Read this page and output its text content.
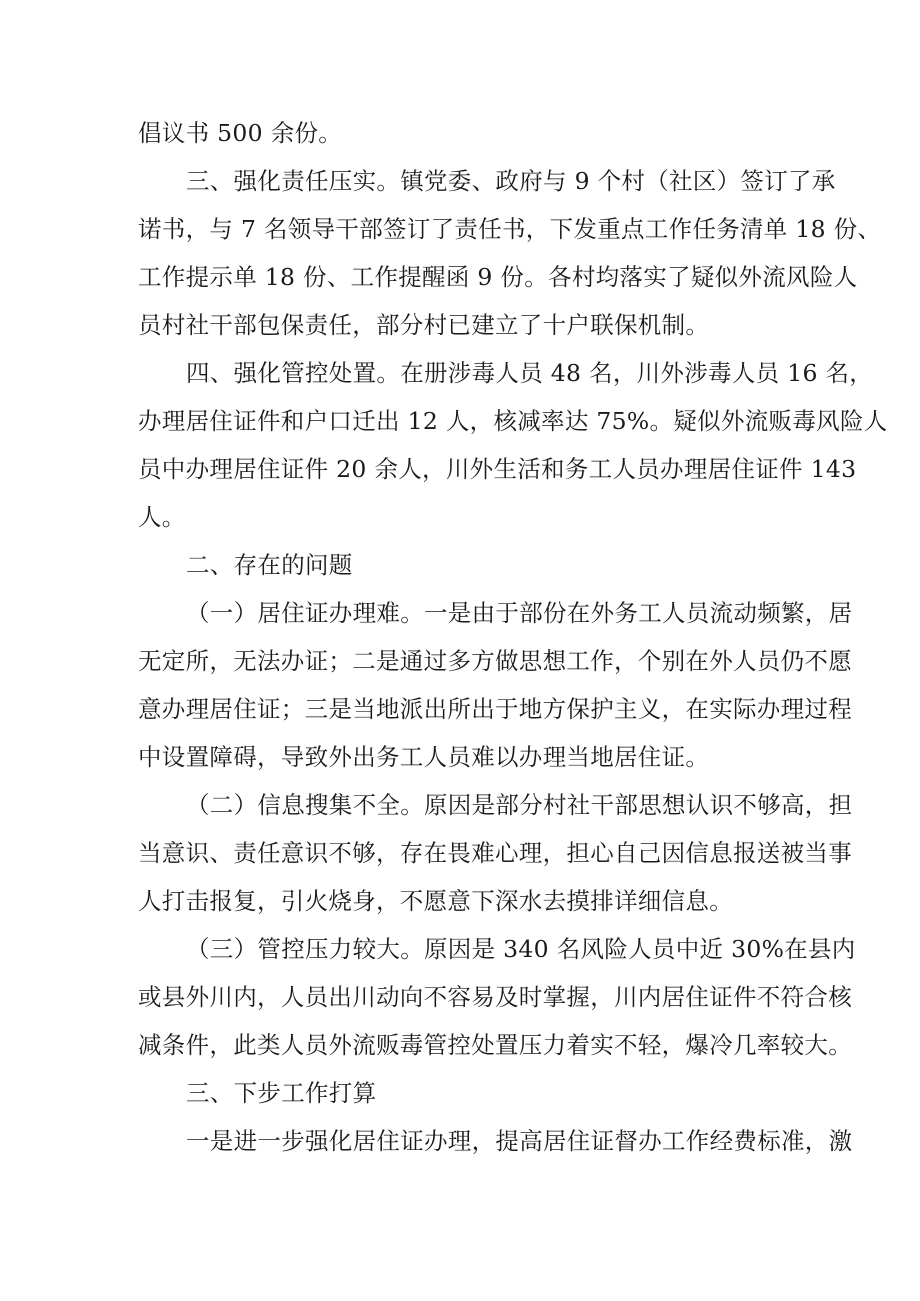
倡议书 500 余份。

三、强化责任压实。镇党委、政府与 9 个村（社区）签订了承

诺书，与 7 名领导干部签订了责任书，下发重点工作任务清单 18 份、

工作提示单 18 份、工作提醒函 9 份。各村均落实了疑似外流风险人

员村社干部包保责任，部分村已建立了十户联保机制。

四、强化管控处置。在册涉毒人员 48 名，川外涉毒人员 16 名，

办理居住证件和户口迁出 12 人，核减率达 75%。疑似外流贩毒风险人

员中办理居住证件 20 余人，川外生活和务工人员办理居住证件 143

人。

二、存在的问题

（一）居住证办理难。一是由于部份在外务工人员流动频繁，居

无定所，无法办证；二是通过多方做思想工作，个别在外人员仍不愿

意办理居住证；三是当地派出所出于地方保护主义，在实际办理过程

中设置障碍，导致外出务工人员难以办理当地居住证。

（二）信息搜集不全。原因是部分村社干部思想认识不够高，担

当意识、责任意识不够，存在畏难心理，担心自己因信息报送被当事

人打击报复，引火烧身，不愿意下深水去摸排详细信息。

（三）管控压力较大。原因是 340 名风险人员中近 30%在县内

或县外川内，人员出川动向不容易及时掌握，川内居住证件不符合核

减条件，此类人员外流贩毒管控处置压力着实不轻，爆冷几率较大。

三、下步工作打算

一是进一步强化居住证办理，提高居住证督办工作经费标准，激
